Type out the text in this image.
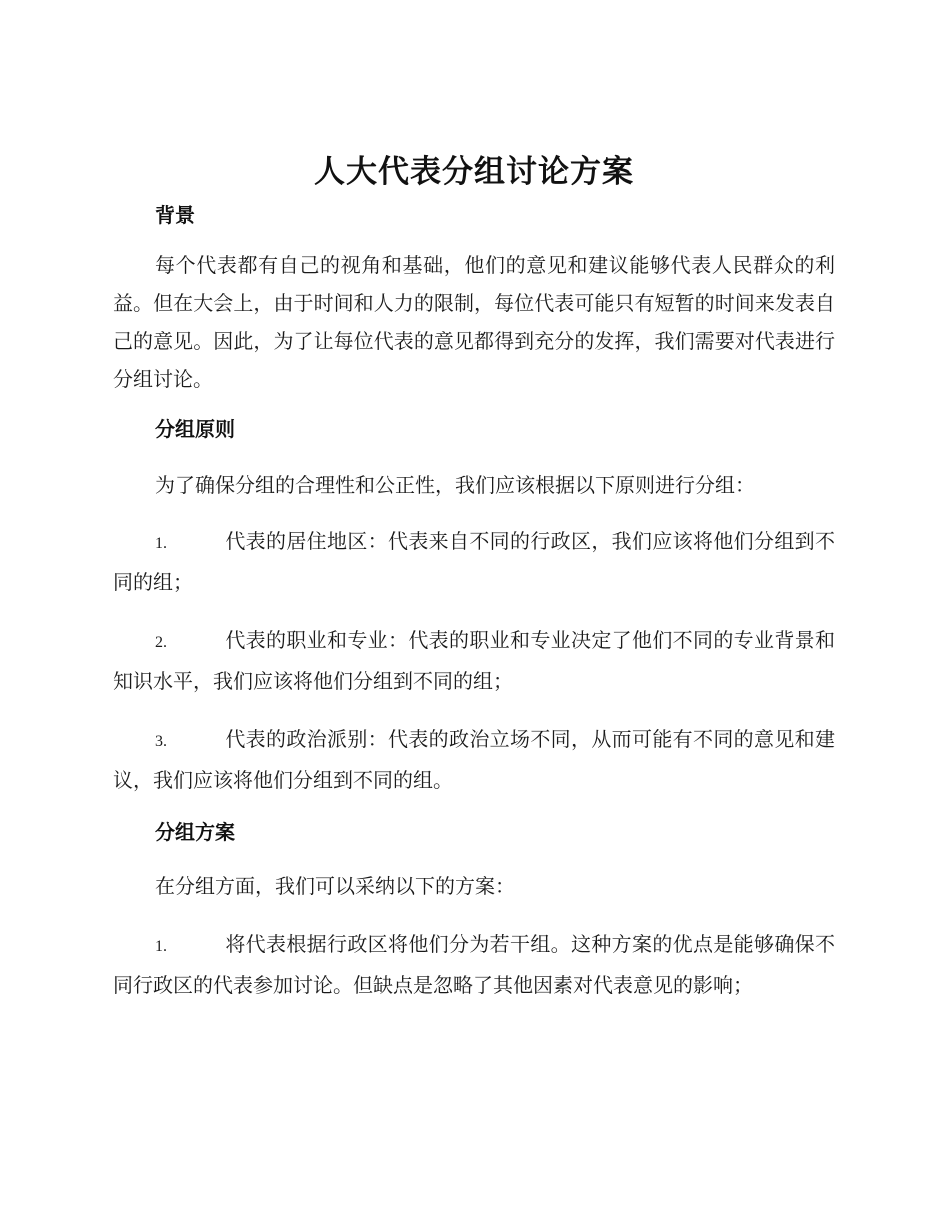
人大代表分组讨论方案
背景

每个代表都有自己的视角和基础，他们的意见和建议能够代表人民群众的利益。但在大会上，由于时间和人力的限制，每位代表可能只有短暂的时间来发表自己的意见。因此，为了让每位代表的意见都得到充分的发挥，我们需要对代表进行分组讨论。

分组原则

为了确保分组的合理性和公正性，我们应该根据以下原则进行分组：

1.	代表的居住地区：代表来自不同的行政区，我们应该将他们分组到不同的组；

2.	代表的职业和专业：代表的职业和专业决定了他们不同的专业背景和知识水平，我们应该将他们分组到不同的组；

3.	代表的政治派别：代表的政治立场不同，从而可能有不同的意见和建议，我们应该将他们分组到不同的组。

分组方案

在分组方面，我们可以采纳以下的方案：

1.	将代表根据行政区将他们分为若干组。这种方案的优点是能够确保不同行政区的代表参加讨论。但缺点是忽略了其他因素对代表意见的影响；
